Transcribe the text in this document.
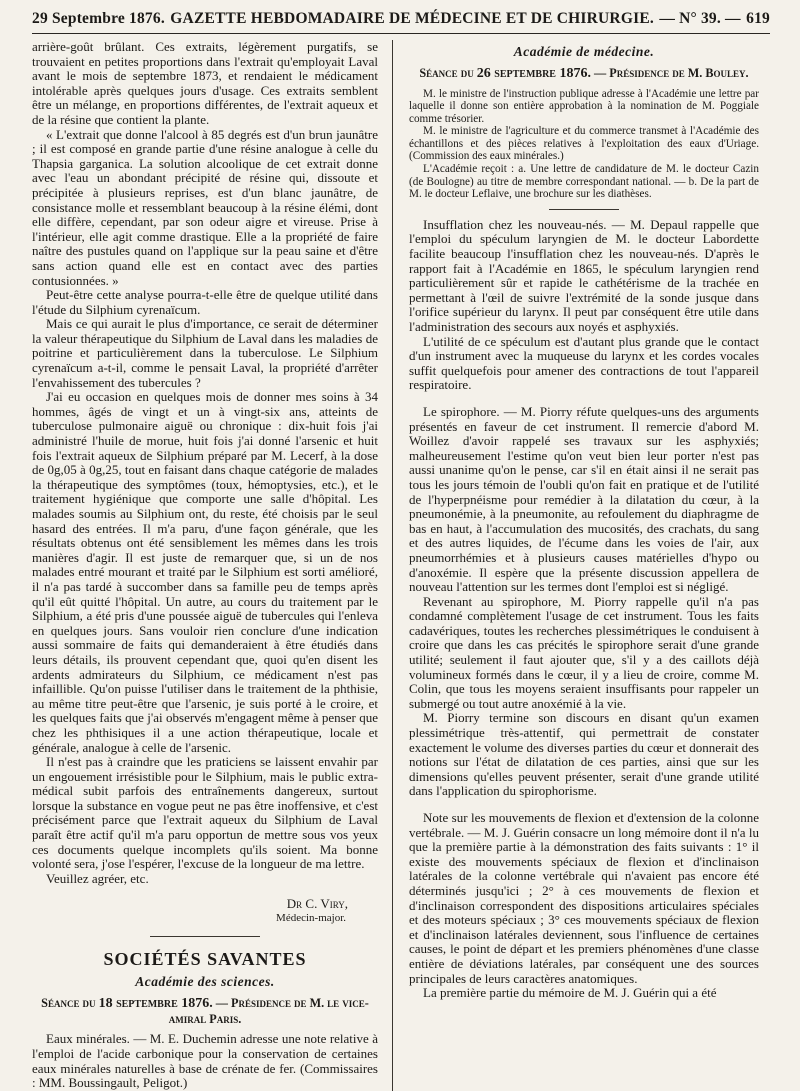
29 Septembre 1876. GAZETTE HEBDOMADAIRE DE MÉDECINE ET DE CHIRURGIE. — N° 39. — 619

arrière-goût brûlant. Ces extraits, légèrement purgatifs, se trouvaient en petites proportions dans l'extrait qu'employait Laval avant le mois de septembre 1873, et rendaient le médicament intolérable après quelques jours d'usage. Ces extraits semblent être un mélange, en proportions différentes, de l'extrait aqueux et de la résine que contient la plante.

« L'extrait que donne l'alcool à 85 degrés est d'un brun jaunâtre ; il est composé en grande partie d'une résine analogue à celle du Thapsia garganica. La solution alcoolique de cet extrait donne avec l'eau un abondant précipité de résine qui, dissoute et précipitée à plusieurs reprises, est d'un blanc jaunâtre, de consistance molle et ressemblant beaucoup à la résine élémi, dont elle diffère, cependant, par son odeur aigre et vireuse. Prise à l'intérieur, elle agit comme drastique. Elle a la propriété de faire naître des pustules quand on l'applique sur la peau saine et d'être sans action quand elle est en contact avec des parties contusionnées. »

Peut-être cette analyse pourra-t-elle être de quelque utilité dans l'étude du Silphium cyrenaïcum.

Mais ce qui aurait le plus d'importance, ce serait de déterminer la valeur thérapeutique du Silphium de Laval dans les maladies de poitrine et particulièrement dans la tuberculose. Le Silphium cyrenaïcum a-t-il, comme le pensait Laval, la propriété d'arrêter l'envahissement des tubercules ?

J'ai eu occasion en quelques mois de donner mes soins à 34 hommes, âgés de vingt et un à vingt-six ans, atteints de tuberculose pulmonaire aiguë ou chronique : dix-huit fois j'ai administré l'huile de morue, huit fois j'ai donné l'arsenic et huit fois l'extrait aqueux de Silphium préparé par M. Lecerf, à la dose de 0g,05 à 0g,25, tout en faisant dans chaque catégorie de malades la thérapeutique des symptômes (toux, hémoptysies, etc.), et le traitement hygiénique que comporte une salle d'hôpital. Les malades soumis au Silphium ont, du reste, été choisis par le seul hasard des entrées. Il m'a paru, d'une façon générale, que les résultats obtenus ont été sensiblement les mêmes dans les trois manières d'agir. Il est juste de remarquer que, si un de nos malades entré mourant et traité par le Silphium est sorti amélioré, il n'a pas tardé à succomber dans sa famille peu de temps après qu'il eût quitté l'hôpital. Un autre, au cours du traitement par le Silphium, a été pris d'une poussée aiguë de tubercules qui l'enleva en quelques jours. Sans vouloir rien conclure d'une indication aussi sommaire de faits qui demanderaient à être étudiés dans leurs détails, ils prouvent cependant que, quoi qu'en disent les ardents admirateurs du Silphium, ce médicament n'est pas infaillible. Qu'on puisse l'utiliser dans le traitement de la phthisie, au même titre peut-être que l'arsenic, je suis porté à le croire, et les quelques faits que j'ai observés m'engagent même à penser que chez les phthisiques il a une action thérapeutique, locale et générale, analogue à celle de l'arsenic.

Il n'est pas à craindre que les praticiens se laissent envahir par un engouement irrésistible pour le Silphium, mais le public extra-médical subit parfois des entraînements dangereux, surtout lorsque la substance en vogue peut ne pas être inoffensive, et c'est précisément parce que l'extrait aqueux du Silphium de Laval paraît être actif qu'il m'a paru opportun de mettre sous vos yeux ces documents quelque incomplets qu'ils soient. Ma bonne volonté sera, j'ose l'espérer, l'excuse de la longueur de ma lettre.

Veuillez agréer, etc.

Dr C. Viry,
Médecin-major.
SOCIÉTÉS SAVANTES
Académie des sciences.
Séance du 18 septembre 1876. — Présidence de M. le vice-amiral Paris.

Eaux minérales. — M. E. Duchemin adresse une note relative à l'emploi de l'acide carbonique pour la conservation de certaines eaux minérales naturelles à base de crénate de fer. (Commissaires : MM. Boussingault, Peligot.)

Académie de médecine.
Séance du 26 septembre 1876. — Présidence de M. Bouley.

M. le ministre de l'instruction publique adresse à l'Académie une lettre par laquelle il donne son entière approbation à la nomination de M. Poggiale comme trésorier.

M. le ministre de l'agriculture et du commerce transmet à l'Académie des échantillons et des pièces relatives à l'exploitation des eaux d'Uriage. (Commission des eaux minérales.)

L'Académie reçoit : a. Une lettre de candidature de M. le docteur Cazin (de Boulogne) au titre de membre correspondant national. — b. De la part de M. le docteur Leflaive, une brochure sur les diathèses.

Insufflation chez les nouveau-nés. — M. Depaul rappelle que l'emploi du spéculum laryngien de M. le docteur Labordette facilite beaucoup l'insufflation chez les nouveau-nés. D'après le rapport fait à l'Académie en 1865, le spéculum laryngien rend particulièrement sûr et rapide le cathétérisme de la trachée en permettant à l'œil de suivre l'extrémité de la sonde jusque dans l'orifice supérieur du larynx. Il peut par conséquent être utile dans l'administration des secours aux noyés et asphyxiés.

L'utilité de ce spéculum est d'autant plus grande que le contact d'un instrument avec la muqueuse du larynx et les cordes vocales suffit quelquefois pour amener des contractions de tout l'appareil respiratoire.

Le spirophore. — M. Piorry réfute quelques-uns des arguments présentés en faveur de cet instrument. Il remercie d'abord M. Woillez d'avoir rappelé ses travaux sur les asphyxiés; malheureusement l'estime qu'on veut bien leur porter n'est pas aussi unanime qu'on le pense, car s'il en était ainsi il ne serait pas tous les jours témoin de l'oubli qu'on fait en pratique et de l'utilité de l'hyperpnéisme pour remédier à la dilatation du cœur, à la pneumonémie, à la pneumonite, au refoulement du diaphragme de bas en haut, à l'accumulation des mucosités, des crachats, du sang et des autres liquides, de l'écume dans les voies de l'air, aux pneumorrhémies et à plusieurs causes matérielles d'hypo ou d'anoxémie. Il espère que la présente discussion appellera de nouveau l'attention sur les termes dont l'emploi est si négligé.

Revenant au spirophore, M. Piorry rappelle qu'il n'a pas condamné complètement l'usage de cet instrument. Tous les faits cadavériques, toutes les recherches plessimétriques le conduisent à croire que dans les cas précités le spirophore serait d'une grande utilité; seulement il faut ajouter que, s'il y a des caillots déjà volumineux formés dans le cœur, il y a lieu de croire, comme M. Colin, que tous les moyens seraient insuffisants pour rappeler un submergé ou tout autre anoxémié à la vie.

M. Piorry termine son discours en disant qu'un examen plessimétrique très-attentif, qui permettrait de constater exactement le volume des diverses parties du cœur et donnerait des notions sur l'état de dilatation de ces parties, ainsi que sur les dimensions qu'elles peuvent présenter, serait d'une grande utilité dans l'application du spirophorisme.

Note sur les mouvements de flexion et d'extension de la colonne vertébrale. — M. J. Guérin consacre un long mémoire dont il n'a lu que la première partie à la démonstration des faits suivants : 1° il existe des mouvements spéciaux de flexion et d'inclinaison latérales de la colonne vertébrale qui n'avaient pas encore été déterminés jusqu'ici ; 2° à ces mouvements de flexion et d'inclinaison correspondent des dispositions articulaires spéciales et des moteurs spéciaux ; 3° ces mouvements spéciaux de flexion et d'inclinaison latérales deviennent, sous l'influence de certaines causes, le point de départ et les premiers phénomènes d'une classe entière de déviations latérales, par conséquent une des sources principales de leurs caractères anatomiques.

La première partie du mémoire de M. J. Guérin qui a été
